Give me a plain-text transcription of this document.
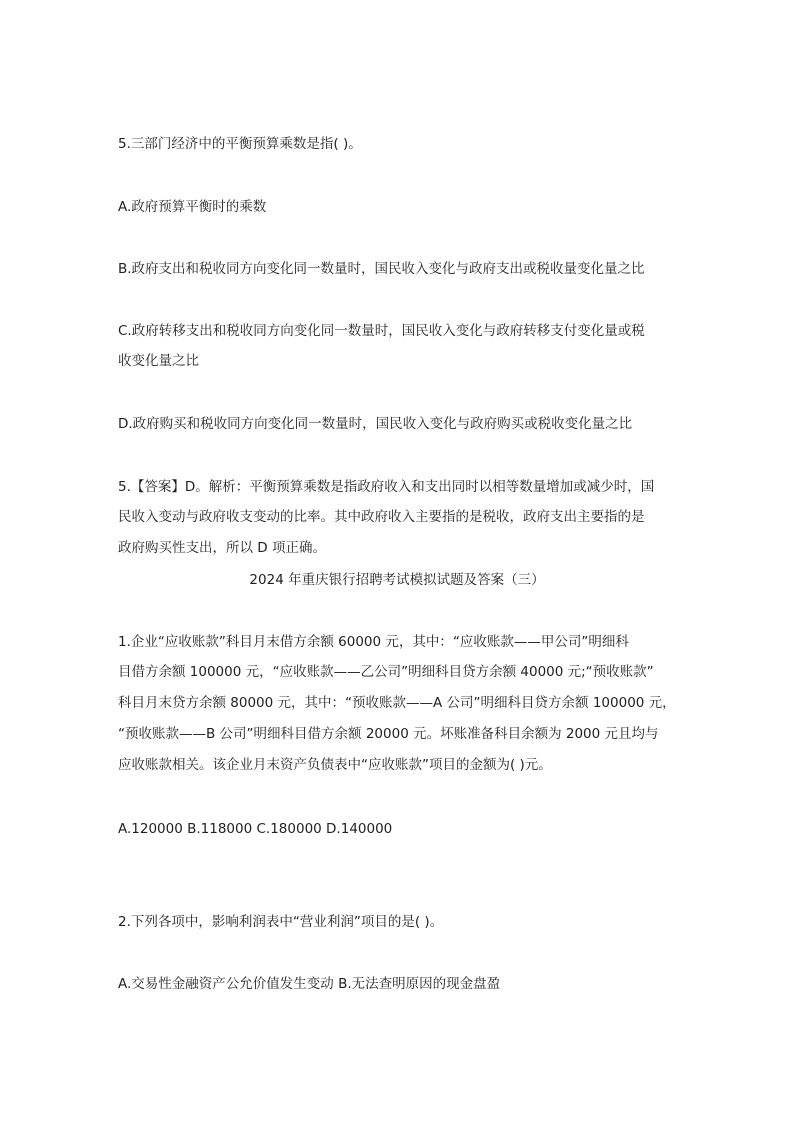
5.三部门经济中的平衡预算乘数是指( )。
A.政府预算平衡时的乘数
B.政府支出和税收同方向变化同一数量时，国民收入变化与政府支出或税收量变化量之比
C.政府转移支出和税收同方向变化同一数量时，国民收入变化与政府转移支付变化量或税
收变化量之比
D.政府购买和税收同方向变化同一数量时，国民收入变化与政府购买或税收变化量之比
5.【答案】D。解析：平衡预算乘数是指政府收入和支出同时以相等数量增加或减少时，国
民收入变动与政府收支变动的比率。其中政府收入主要指的是税收，政府支出主要指的是
政府购买性支出，所以 D 项正确。
2024 年重庆银行招聘考试模拟试题及答案（三）
1.企业“应收账款”科目月末借方余额 60000 元，其中：“应收账款——甲公司”明细科
目借方余额 100000 元，“应收账款——乙公司”明细科目贷方余额 40000 元;“预收账款”
科目月末贷方余额 80000 元，其中：“预收账款——A 公司”明细科目贷方余额 100000 元，
“预收账款——B 公司”明细科目借方余额 20000 元。坏账准备科目余额为 2000 元且均与
应收账款相关。该企业月末资产负债表中“应收账款”项目的金额为( )元。
A.120000 B.118000 C.180000 D.140000
2.下列各项中，影响利润表中“营业利润”项目的是( )。
A.交易性金融资产公允价值发生变动 B.无法查明原因的现金盘盈
